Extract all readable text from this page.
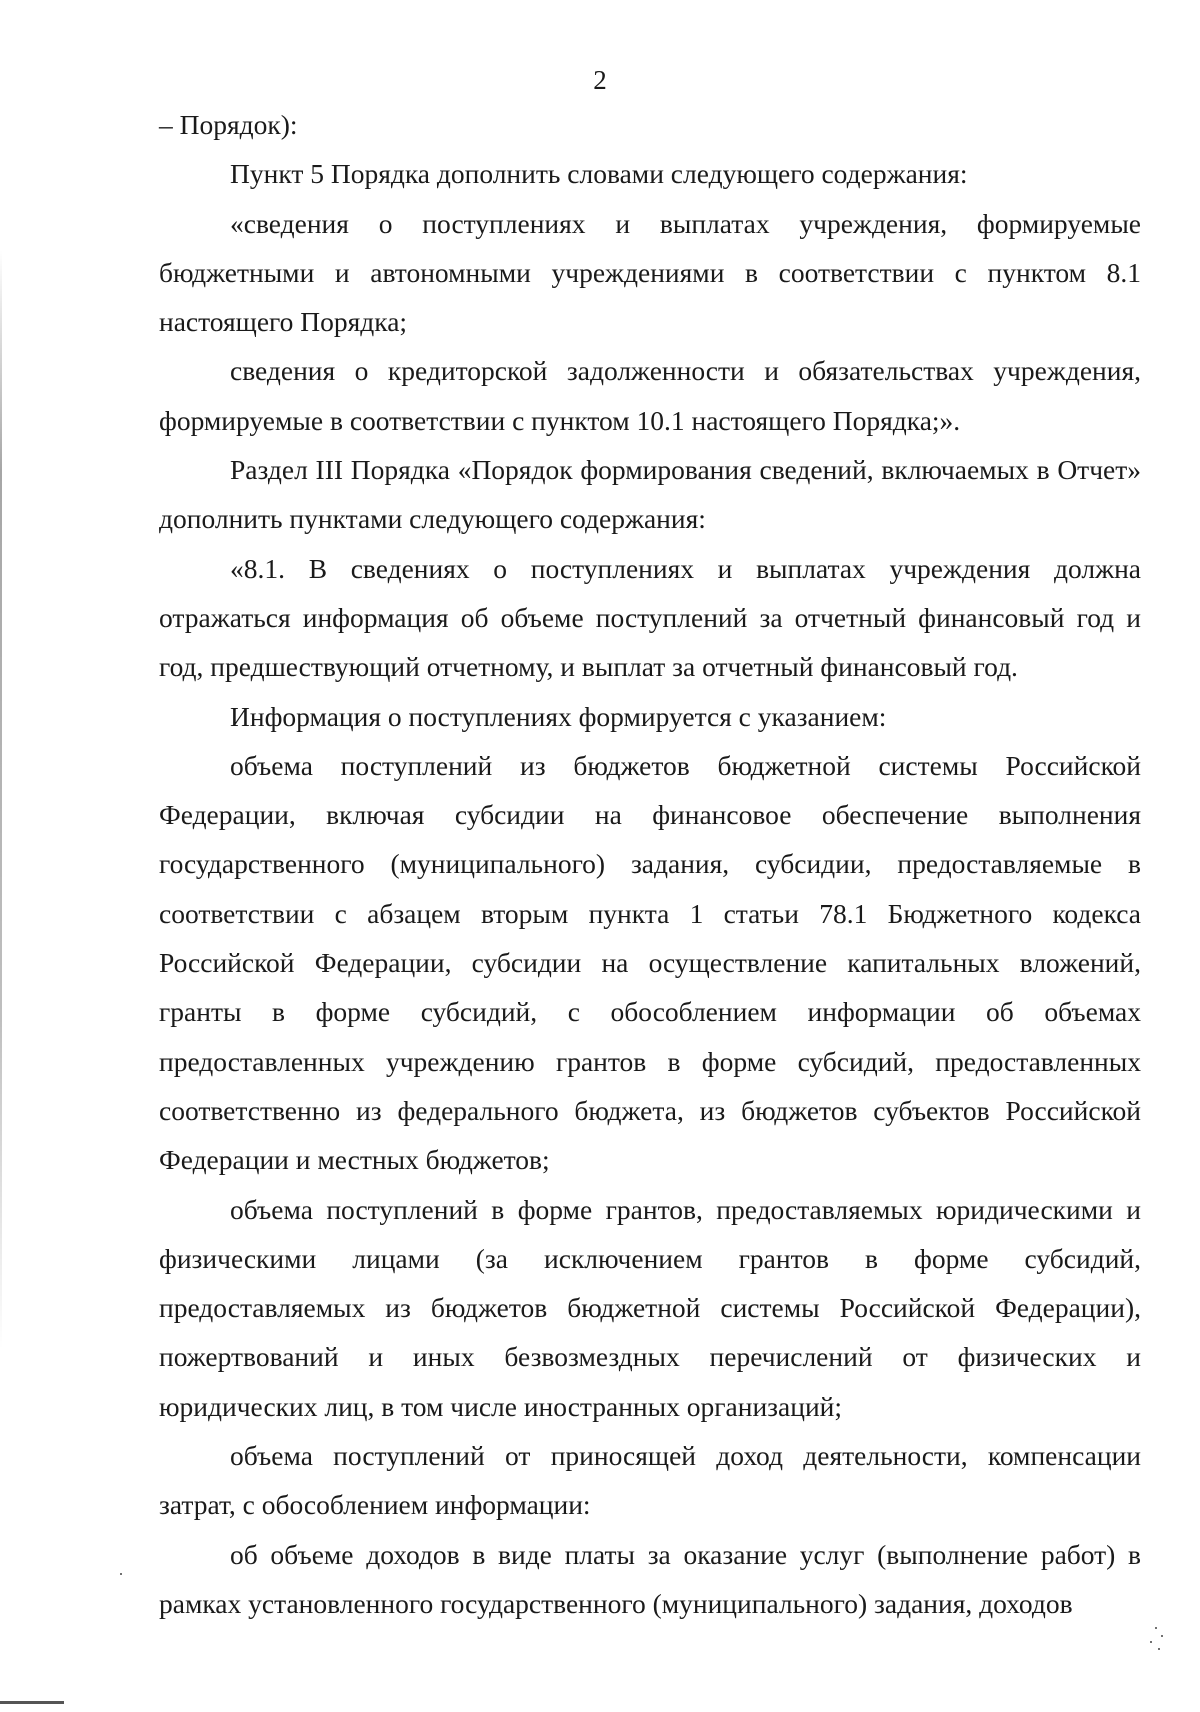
2

– Порядок):

Пункт 5 Порядка дополнить словами следующего содержания:

«сведения о поступлениях и выплатах учреждения, формируемые бюджетными и автономными учреждениями в соответствии с пунктом 8.1 настоящего Порядка;

сведения о кредиторской задолженности и обязательствах учреждения, формируемые в соответствии с пунктом 10.1 настоящего Порядка;».

Раздел III Порядка «Порядок формирования сведений, включаемых в Отчет» дополнить пунктами следующего содержания:

«8.1. В сведениях о поступлениях и выплатах учреждения должна отражаться информация об объеме поступлений за отчетный финансовый год и год, предшествующий отчетному, и выплат за отчетный финансовый год.

Информация о поступлениях формируется с указанием:

объема поступлений из бюджетов бюджетной системы Российской Федерации, включая субсидии на финансовое обеспечение выполнения государственного (муниципального) задания, субсидии, предоставляемые в соответствии с абзацем вторым пункта 1 статьи 78.1 Бюджетного кодекса Российской Федерации, субсидии на осуществление капитальных вложений, гранты в форме субсидий, с обособлением информации об объемах предоставленных учреждению грантов в форме субсидий, предоставленных соответственно из федерального бюджета, из бюджетов субъектов Российской Федерации и местных бюджетов;

объема поступлений в форме грантов, предоставляемых юридическими и физическими лицами (за исключением грантов в форме субсидий, предоставляемых из бюджетов бюджетной системы Российской Федерации), пожертвований и иных безвозмездных перечислений от физических и юридических лиц, в том числе иностранных организаций;

объема поступлений от приносящей доход деятельности, компенсации затрат, с обособлением информации:

об объеме доходов в виде платы за оказание услуг (выполнение работ) в рамках установленного государственного (муниципального) задания, доходов
